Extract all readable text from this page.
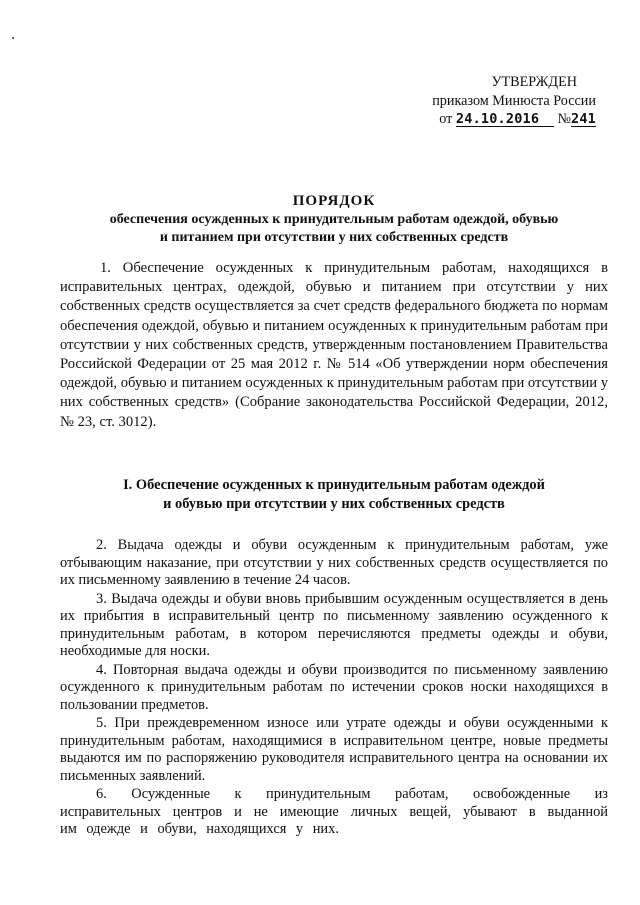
УТВЕРЖДЕН
приказом Минюста России
от 24.10.2016 №241
ПОРЯДОК
обеспечения осужденных к принудительным работам одеждой, обувью
и питанием при отсутствии у них собственных средств
1. Обеспечение осужденных к принудительным работам, находящихся в исправительных центрах, одеждой, обувью и питанием при отсутствии у них собственных средств осуществляется за счет средств федерального бюджета по нормам обеспечения одеждой, обувью и питанием осужденных к принудительным работам при отсутствии у них собственных средств, утвержденным постановлением Правительства Российской Федерации от 25 мая 2012 г. № 514 «Об утверждении норм обеспечения одеждой, обувью и питанием осужденных к принудительным работам при отсутствии у них собственных средств» (Собрание законодательства Российской Федерации, 2012, № 23, ст. 3012).
I. Обеспечение осужденных к принудительным работам одеждой
и обувью при отсутствии у них собственных средств

2. Выдача одежды и обуви осужденным к принудительным работам, уже отбывающим наказание, при отсутствии у них собственных средств осуществляется по их письменному заявлению в течение 24 часов.

3. Выдача одежды и обуви вновь прибывшим осужденным осуществляется в день их прибытия в исправительный центр по письменному заявлению осужденного к принудительным работам, в котором перечисляются предметы одежды и обуви, необходимые для носки.

4. Повторная выдача одежды и обуви производится по письменному заявлению осужденного к принудительным работам по истечении сроков носки находящихся в пользовании предметов.

5. При преждевременном износе или утрате одежды и обуви осужденными к принудительным работам, находящимися в исправительном центре, новые предметы выдаются им по распоряжению руководителя исправительного центра на основании их письменных заявлений.

6. Осужденные к принудительным работам, освобожденные из исправительных центров и не имеющие личных вещей, убывают в выданной им одежде и обуви, находящихся у них.
